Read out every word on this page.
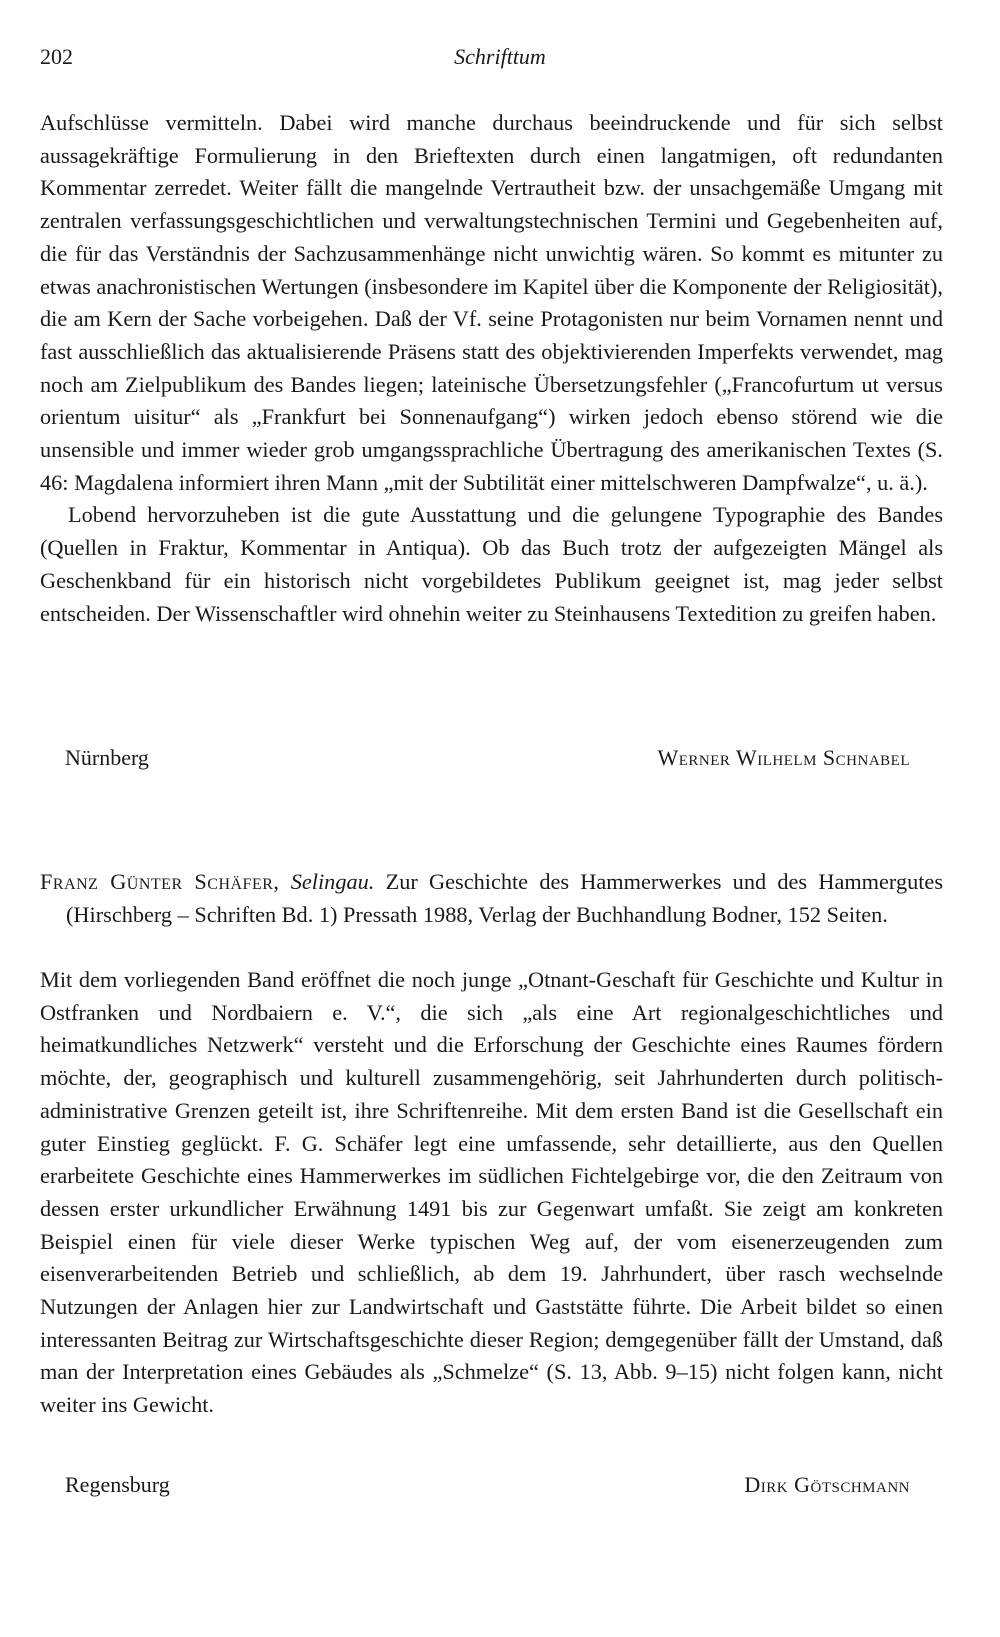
202	Schrifttum

Aufschlüsse vermitteln. Dabei wird manche durchaus beeindruckende und für sich selbst aussagekräftige Formulierung in den Brieftexten durch einen langatmigen, oft redundanten Kommentar zerredet. Weiter fällt die mangelnde Vertrautheit bzw. der unsachgemäße Umgang mit zentralen verfassungsgeschichtlichen und verwaltungstechnischen Termini und Gegebenheiten auf, die für das Verständnis der Sachzusammenhänge nicht unwichtig wären. So kommt es mitunter zu etwas anachronistischen Wertungen (insbesondere im Kapitel über die Komponente der Religiosität), die am Kern der Sache vorbeigehen. Daß der Vf. seine Protagonisten nur beim Vornamen nennt und fast ausschließlich das aktualisierende Präsens statt des objektivierenden Imperfekts verwendet, mag noch am Zielpublikum des Bandes liegen; lateinische Übersetzungsfehler („Francofurtum ut versus orientum uisitur“ als „Frankfurt bei Sonnenaufgang“) wirken jedoch ebenso störend wie die unsensible und immer wieder grob umgangssprachliche Übertragung des amerikanischen Textes (S. 46: Magdalena informiert ihren Mann „mit der Subtilität einer mittelschweren Dampfwalze“, u. ä.).

Lobend hervorzuheben ist die gute Ausstattung und die gelungene Typographie des Bandes (Quellen in Fraktur, Kommentar in Antiqua). Ob das Buch trotz der aufgezeigten Mängel als Geschenkband für ein historisch nicht vorgebildetes Publikum geeignet ist, mag jeder selbst entscheiden. Der Wissenschaftler wird ohnehin weiter zu Steinhausens Textedition zu greifen haben.

Nürnberg	Werner Wilhelm Schnabel
Franz Günter Schäfer, Selingau. Zur Geschichte des Hammerwerkes und des Hammergutes (Hirschberg – Schriften Bd. 1) Pressath 1988, Verlag der Buchhandlung Bodner, 152 Seiten.

Mit dem vorliegenden Band eröffnet die noch junge „Otnant-Geschaft für Geschichte und Kultur in Ostfranken und Nordbaiern e. V.“, die sich „als eine Art regionalgeschichtliches und heimatkundliches Netzwerk“ versteht und die Erforschung der Geschichte eines Raumes fördern möchte, der, geographisch und kulturell zusammengehörig, seit Jahrhunderten durch politisch-administrative Grenzen geteilt ist, ihre Schriftenreihe. Mit dem ersten Band ist die Gesellschaft ein guter Einstieg geglückt. F. G. Schäfer legt eine umfassende, sehr detaillierte, aus den Quellen erarbeitete Geschichte eines Hammerwerkes im südlichen Fichtelgebirge vor, die den Zeitraum von dessen erster urkundlicher Erwähnung 1491 bis zur Gegenwart umfaßt. Sie zeigt am konkreten Beispiel einen für viele dieser Werke typischen Weg auf, der vom eisenerzeugenden zum eisenverarbeitenden Betrieb und schließlich, ab dem 19. Jahrhundert, über rasch wechselnde Nutzungen der Anlagen hier zur Landwirtschaft und Gaststätte führte. Die Arbeit bildet so einen interessanten Beitrag zur Wirtschaftsgeschichte dieser Region; demgegenüber fällt der Umstand, daß man der Interpretation eines Gebäudes als „Schmelze“ (S. 13, Abb. 9–15) nicht folgen kann, nicht weiter ins Gewicht.

Regensburg	Dirk Götschmann
